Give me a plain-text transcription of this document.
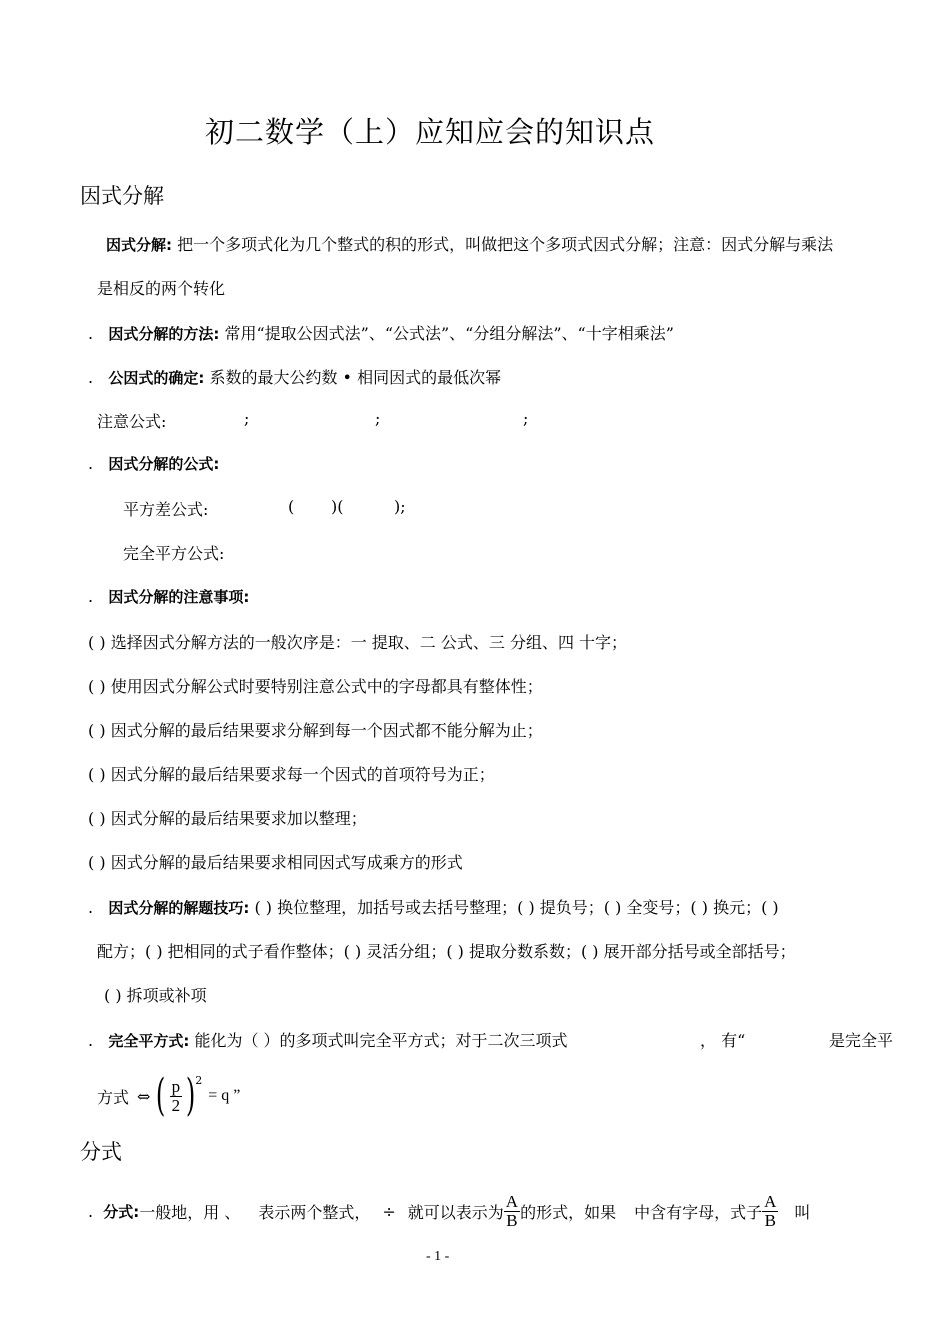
初二数学（上）应知应会的知识点
因式分解
因式分解: 把一个多项式化为几个整式的积的形式，叫做把这个多项式因式分解；注意：因式分解与乘法
是相反的两个转化
. 因式分解的方法: 常用“提取公因式法”、“公式法”、“分组分解法”、“十字相乘法”
. 公因式的确定: 系数的最大公约数 • 相同因式的最低次幂
注意公式:	;	;	;
. 因式分解的公式:
平方差公式:	( )(	);
完全平方公式:
. 因式分解的注意事项:
( ) 选择因式分解方法的一般次序是：一 提取、二 公式、三 分组、四 十字；
( ) 使用因式分解公式时要特别注意公式中的字母都具有整体性；
( ) 因式分解的最后结果要求分解到每一个因式都不能分解为止；
( ) 因式分解的最后结果要求每一个因式的首项符号为正；
( ) 因式分解的最后结果要求加以整理；
( ) 因式分解的最后结果要求相同因式写成乘方的形式
. 因式分解的解题技巧: ( ) 换位整理，加括号或去括号整理；( ) 提负号；( ) 全变号；( ) 换元；( )
配方；( ) 把相同的式子看作整体；( ) 灵活分组；( ) 提取分数系数；( ) 展开部分括号或全部括号；
( ) 拆项或补项
. 完全平方式: 能化为（ ）的多项式叫完全平方式；对于二次三项式	， 有“	是完全平
方式 ⇔ ( $\frac{p}{2}$ ) 2
= q ”
分式
.
分式: 一般地，用 、 表示两个整式， ÷ 就可以表示为 $\frac{A}{B}$ 的形式，如果 中含有字母，式子 $\frac{A}{B}$ 叫
- 1 -
